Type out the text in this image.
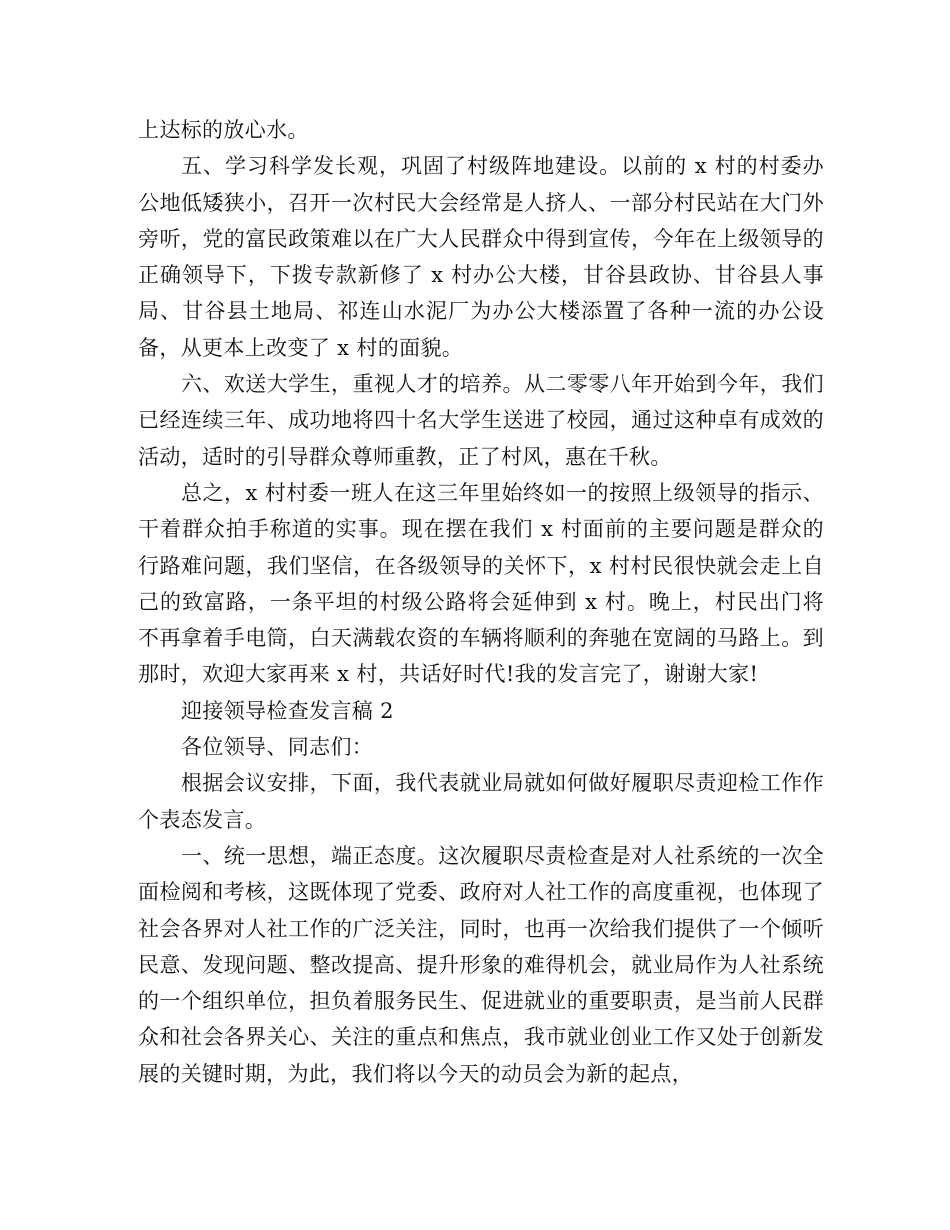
上达标的放心水。

五、学习科学发长观，巩固了村级阵地建设。以前的 x 村的村委办公地低矮狭小，召开一次村民大会经常是人挤人、一部分村民站在大门外旁听，党的富民政策难以在广大人民群众中得到宣传，今年在上级领导的正确领导下，下拨专款新修了 x 村办公大楼，甘谷县政协、甘谷县人事局、甘谷县土地局、祁连山水泥厂为办公大楼添置了各种一流的办公设备，从更本上改变了 x 村的面貌。

六、欢送大学生，重视人才的培养。从二零零八年开始到今年，我们已经连续三年、成功地将四十名大学生送进了校园，通过这种卓有成效的活动，适时的引导群众尊师重教，正了村风，惠在千秋。

总之，x 村村委一班人在这三年里始终如一的按照上级领导的指示、干着群众拍手称道的实事。现在摆在我们 x 村面前的主要问题是群众的行路难问题，我们坚信，在各级领导的关怀下，x 村村民很快就会走上自己的致富路，一条平坦的村级公路将会延伸到 x 村。晚上，村民出门将不再拿着手电筒，白天满载农资的车辆将顺利的奔驰在宽阔的马路上。到那时，欢迎大家再来 x 村，共话好时代!我的发言完了，谢谢大家!

迎接领导检查发言稿 2

各位领导、同志们：

根据会议安排，下面，我代表就业局就如何做好履职尽责迎检工作作个表态发言。

一、统一思想，端正态度。这次履职尽责检查是对人社系统的一次全面检阅和考核，这既体现了党委、政府对人社工作的高度重视，也体现了社会各界对人社工作的广泛关注，同时，也再一次给我们提供了一个倾听民意、发现问题、整改提高、提升形象的难得机会，就业局作为人社系统的一个组织单位，担负着服务民生、促进就业的重要职责，是当前人民群众和社会各界关心、关注的重点和焦点，我市就业创业工作又处于创新发展的关键时期，为此，我们将以今天的动员会为新的起点，
